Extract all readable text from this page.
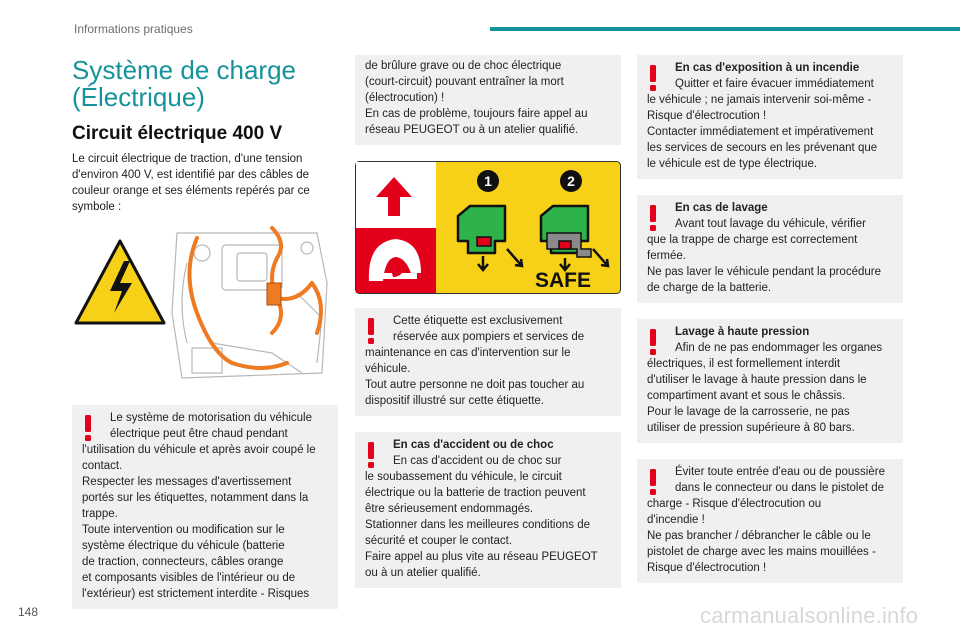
Informations pratiques
Système de charge
(Électrique)
Circuit électrique 400 V
Le circuit électrique de traction, d'une tension d'environ 400 V, est identifié par des câbles de couleur orange et ses éléments repérés par ce symbole :
Le système de motorisation du véhicule
électrique peut être chaud pendant
l'utilisation du véhicule et après avoir coupé le
contact.
Respecter les messages d'avertissement
portés sur les étiquettes, notamment dans la
trappe.
Toute intervention ou modification sur le
système électrique du véhicule (batterie
de traction, connecteurs, câbles orange
et composants visibles de l'intérieur ou de
l'extérieur) est strictement interdite - Risques
de brûlure grave ou de choc électrique
(court-circuit) pouvant entraîner la mort
(électrocution) !
En cas de problème, toujours faire appel au
réseau PEUGEOT ou à un atelier qualifié.
1	2
SAFE
Cette étiquette est exclusivement
réservée aux pompiers et services de
maintenance en cas d'intervention sur le
véhicule.
Tout autre personne ne doit pas toucher au
dispositif illustré sur cette étiquette.
En cas d'accident ou de choc
En cas d'accident ou de choc sur
le soubassement du véhicule, le circuit
électrique ou la batterie de traction peuvent
être sérieusement endommagés.
Stationner dans les meilleures conditions de
sécurité et couper le contact.
Faire appel au plus vite au réseau PEUGEOT
ou à un atelier qualifié.
En cas d'exposition à un incendie
Quitter et faire évacuer immédiatement
le véhicule ; ne jamais intervenir soi-même -
Risque d'électrocution !
Contacter immédiatement et impérativement
les services de secours en les prévenant que
le véhicule est de type électrique.
En cas de lavage
Avant tout lavage du véhicule, vérifier
que la trappe de charge est correctement
fermée.
Ne pas laver le véhicule pendant la procédure
de charge de la batterie.
Lavage à haute pression
Afin de ne pas endommager les organes
électriques, il est formellement interdit
d'utiliser le lavage à haute pression dans le
compartiment avant et sous le châssis.
Pour le lavage de la carrosserie, ne pas
utiliser de pression supérieure à 80 bars.
Éviter toute entrée d'eau ou de poussière
dans le connecteur ou dans le pistolet de
charge - Risque d'électrocution ou
d'incendie !
Ne pas brancher / débrancher le câble ou le
pistolet de charge avec les mains mouillées -
Risque d'électrocution !
148	carmanualsonline.info
